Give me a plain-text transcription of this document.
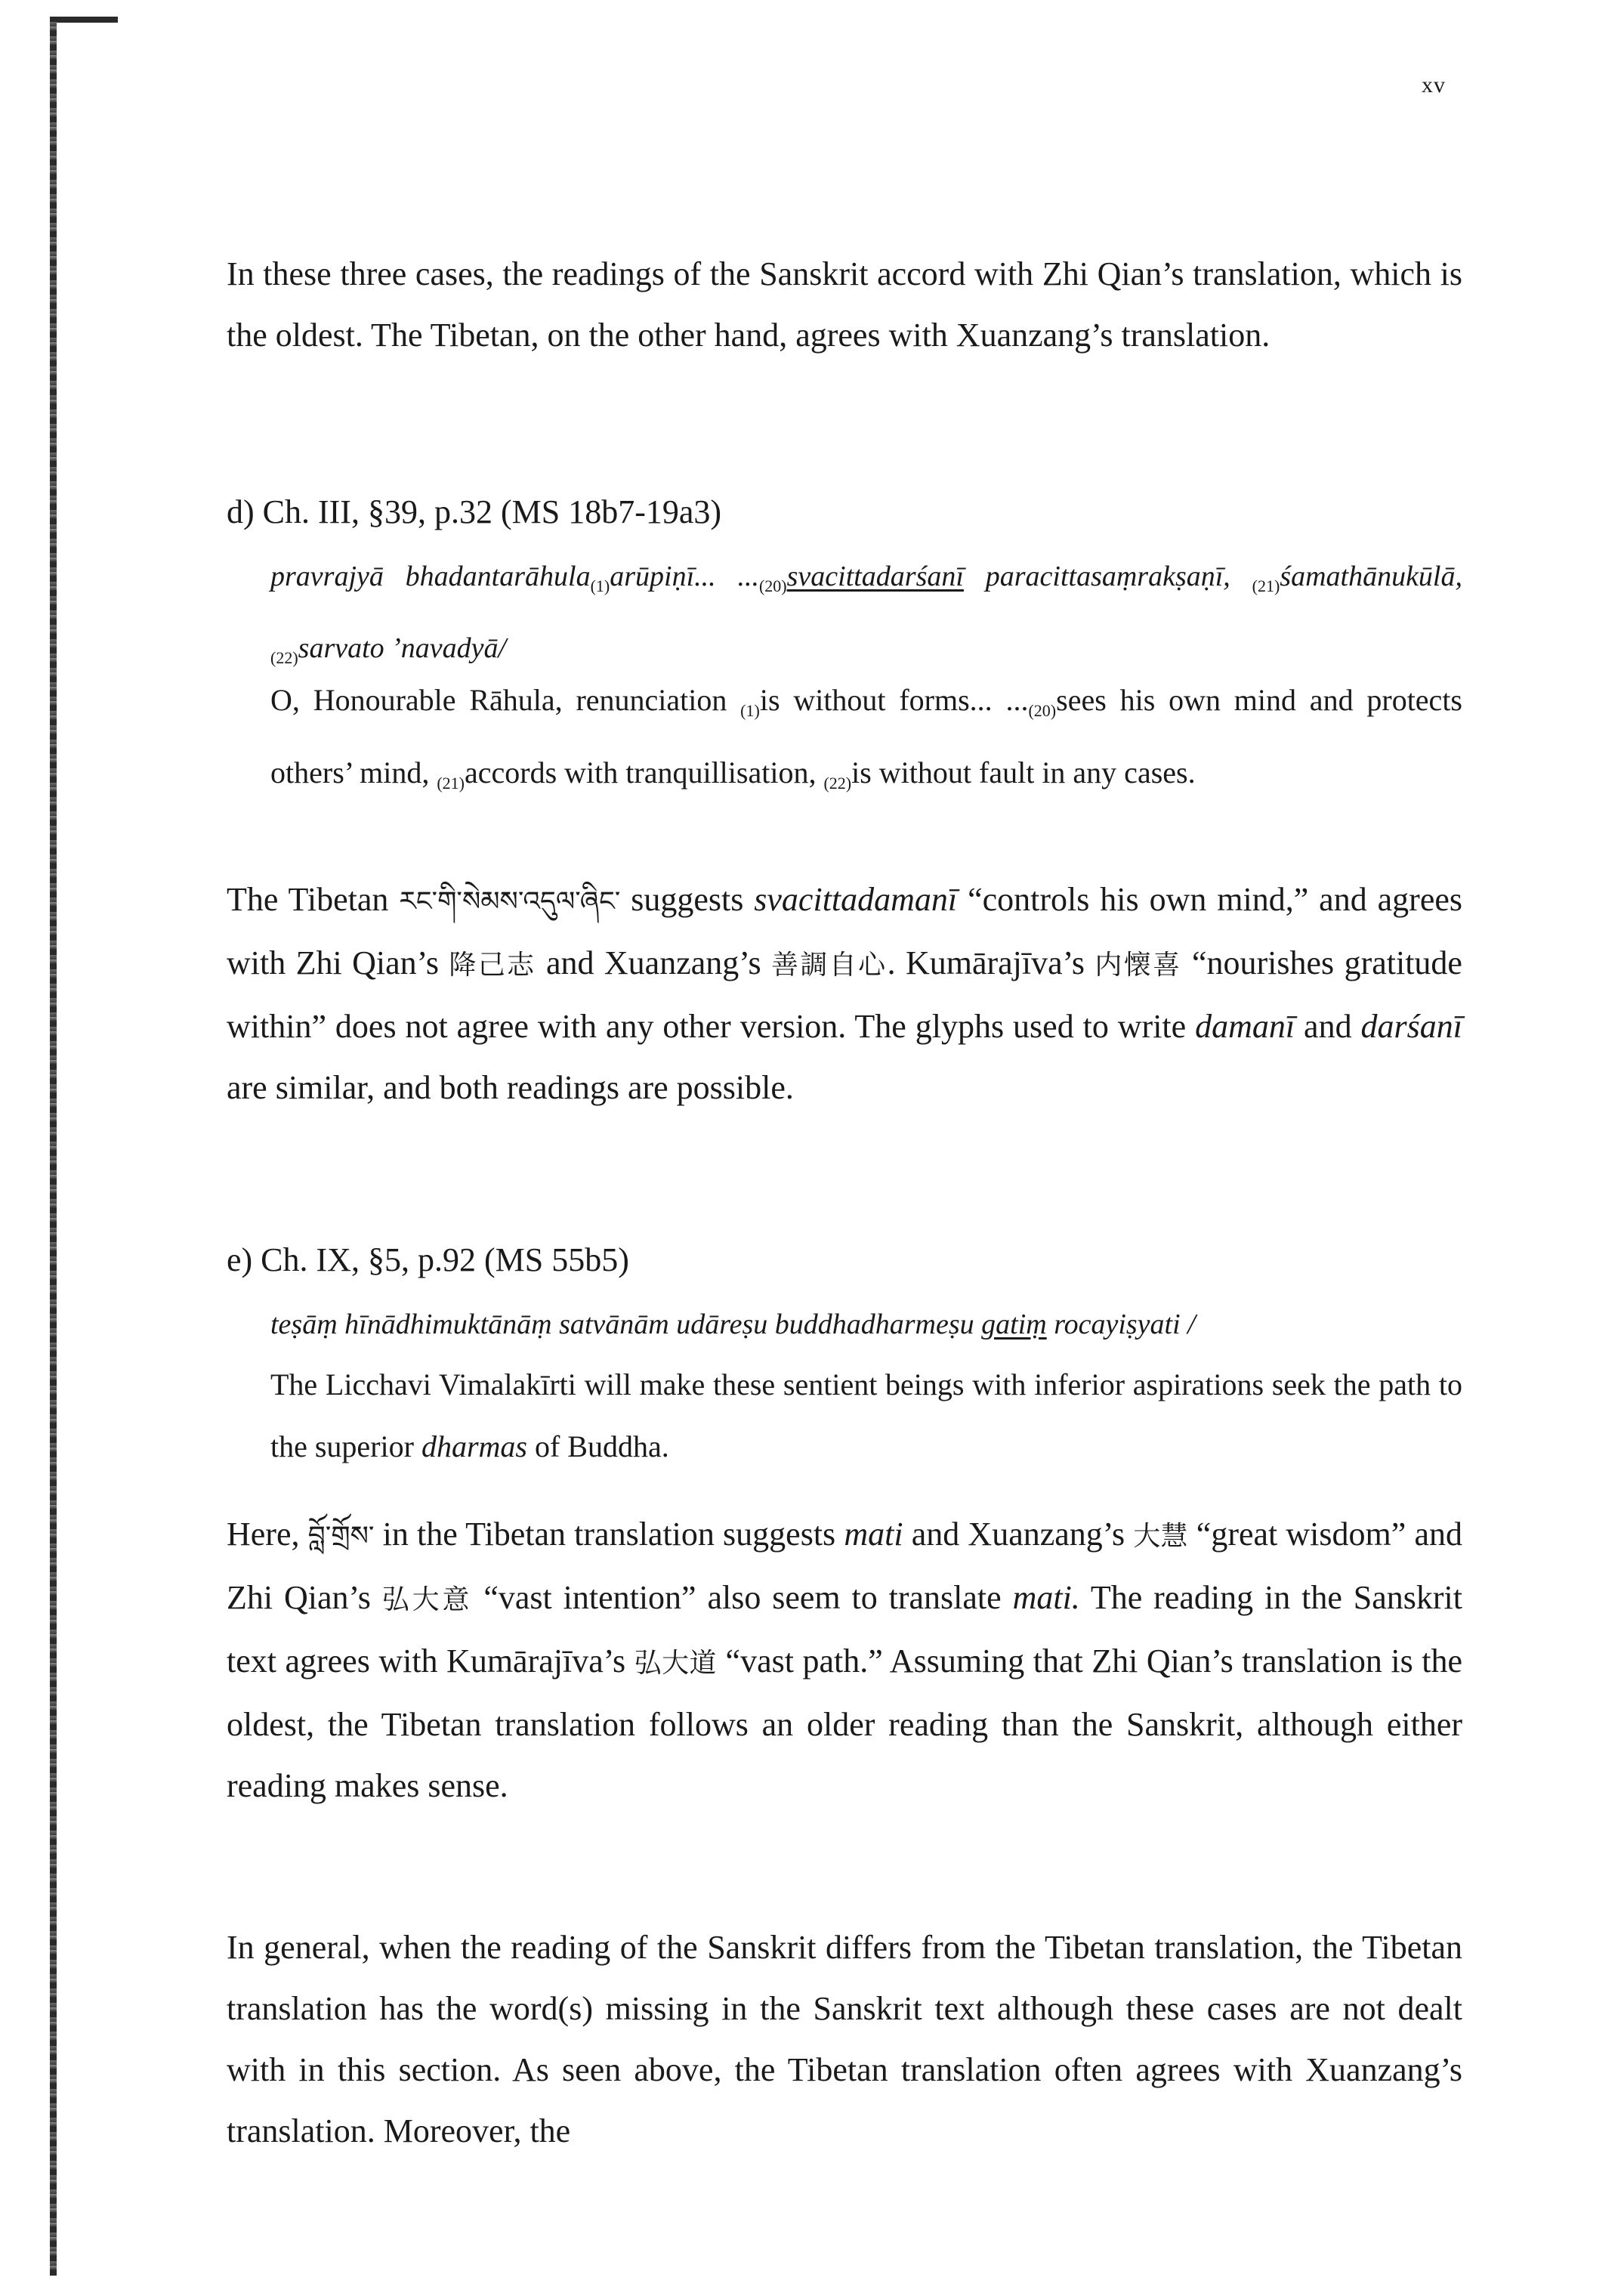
xv

In these three cases, the readings of the Sanskrit accord with Zhi Qian’s translation, which is the oldest. The Tibetan, on the other hand, agrees with Xuanzang’s translation.

d) Ch. III, §39, p.32 (MS 18b7-19a3)

pravrajyā bhadantarāhula$_{(1)}$arūpiṇī... $..._{(20)}svacittadarśanī$ paracittasaṃrakṣaṇī, $_{(21)}$śamathānukūlā, $_{(22)}$sarvato ’navadyā/

O, Honourable Rāhula, renunciation $_{(1)}$is without forms... $..._{(20)}sees$ his own mind and protects others’ mind, $_{(21)}$accords with tranquillisation, $_{(22)}$is without fault in any cases.

The Tibetan རང་གི་སེམས་འདུལ་ཞིང་ suggests svacittadamanī “controls his own mind,” and agrees with Zhi Qian’s 降己志 and Xuanzang’s 善調自心. Kumārajīva’s 内懐喜 “nourishes gratitude within” does not agree with any other version. The glyphs used to write damanī and darśanī are similar, and both readings are possible.

e) Ch. IX, §5, p.92 (MS 55b5)

teṣāṃ hīnādhimuktānāṃ satvānām udāreṣu buddhadharmeṣu gatiṃ rocayiṣyati /

The Licchavi Vimalakīrti will make these sentient beings with inferior aspirations seek the path to the superior dharmas of Buddha.

Here, བློ་གྲོས་ in the Tibetan translation suggests mati and Xuanzang’s 大慧 “great wisdom” and Zhi Qian’s 弘大意 “vast intention” also seem to translate mati. The reading in the Sanskrit text agrees with Kumārajīva’s 弘大道 “vast path.” Assuming that Zhi Qian’s translation is the oldest, the Tibetan translation follows an older reading than the Sanskrit, although either reading makes sense.

In general, when the reading of the Sanskrit differs from the Tibetan translation, the Tibetan translation has the word(s) missing in the Sanskrit text although these cases are not dealt with in this section. As seen above, the Tibetan translation often agrees with Xuanzang’s translation. Moreover, the
